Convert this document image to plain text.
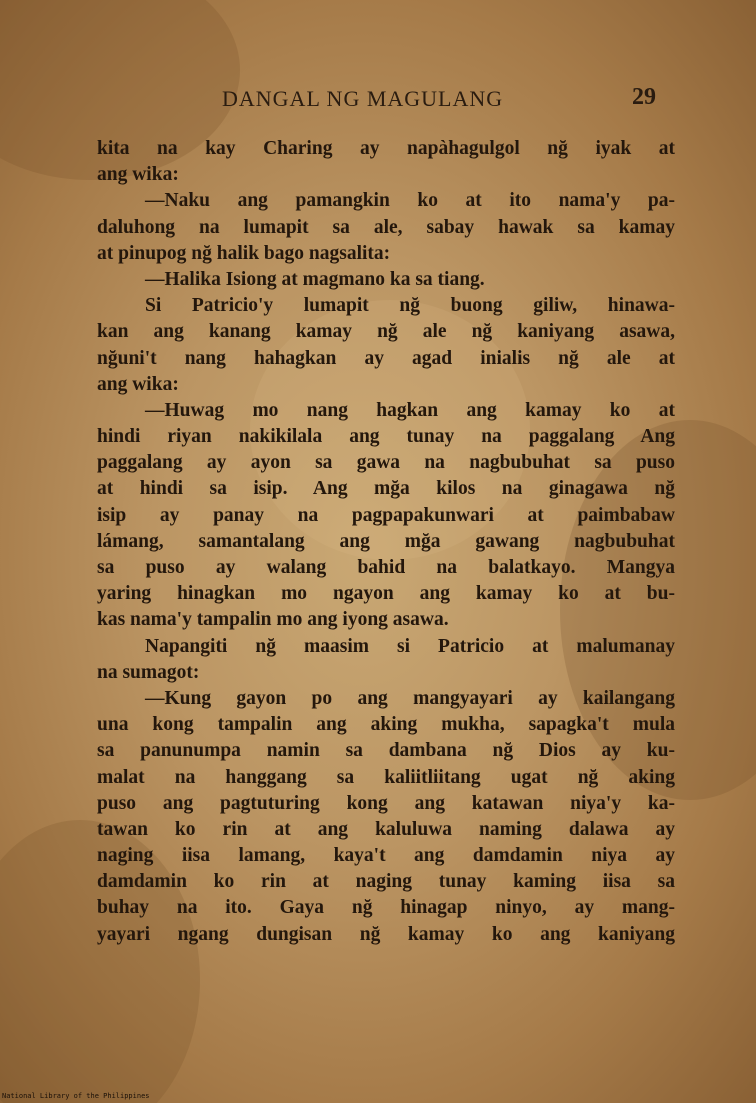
DANGAL NG MAGULANG	29
kita na kay Charing ay napàhagulgol nğ iyak at
ang wika:
—Naku ang pamangkin ko at ito nama'y pa-
daluhong na lumapit sa ale, sabay hawak sa kamay
at pinupog nğ halik bago nagsalita:
—Halika Isiong at magmano ka sa tiang.
Si Patricio'y lumapit nğ buong giliw, hinawa-
kan ang kanang kamay nğ ale nğ kaniyang asawa,
nğuni't nang hahagkan ay agad inialis nğ ale at
ang wika:
—Huwag mo nang hagkan ang kamay ko at
hindi riyan nakikilala ang tunay na paggalang Ang
paggalang ay ayon sa gawa na nagbubuhat sa puso
at hindi sa isip. Ang mğa kilos na ginagawa nğ
isip ay panay na pagpapakunwari at paimbabaw
lámang, samantalang ang mğa gawang nagbubuhat
sa puso ay walang bahid na balatkayo. Mangya
yaring hinagkan mo ngayon ang kamay ko at bu-
kas nama'y tampalin mo ang iyong asawa.
Napangiti nğ maasim si Patricio at malumanay
na sumagot:
—Kung gayon po ang mangyayari ay kailangang
una kong tampalin ang aking mukha, sapagka't mula
sa panunumpa namin sa dambana nğ Dios ay ku-
malat na hanggang sa kaliitliitang ugat nğ aking
puso ang pagtuturing kong ang katawan niya'y ka-
tawan ko rin at ang kaluluwa naming dalawa ay
naging iisa lamang, kaya't ang damdamin niya ay
damdamin ko rin at naging tunay kaming iisa sa
buhay na ito. Gaya nğ hinagap ninyo, ay mang-
yayari ngang dungisan nğ kamay ko ang kaniyang
National Library of the Philippines
